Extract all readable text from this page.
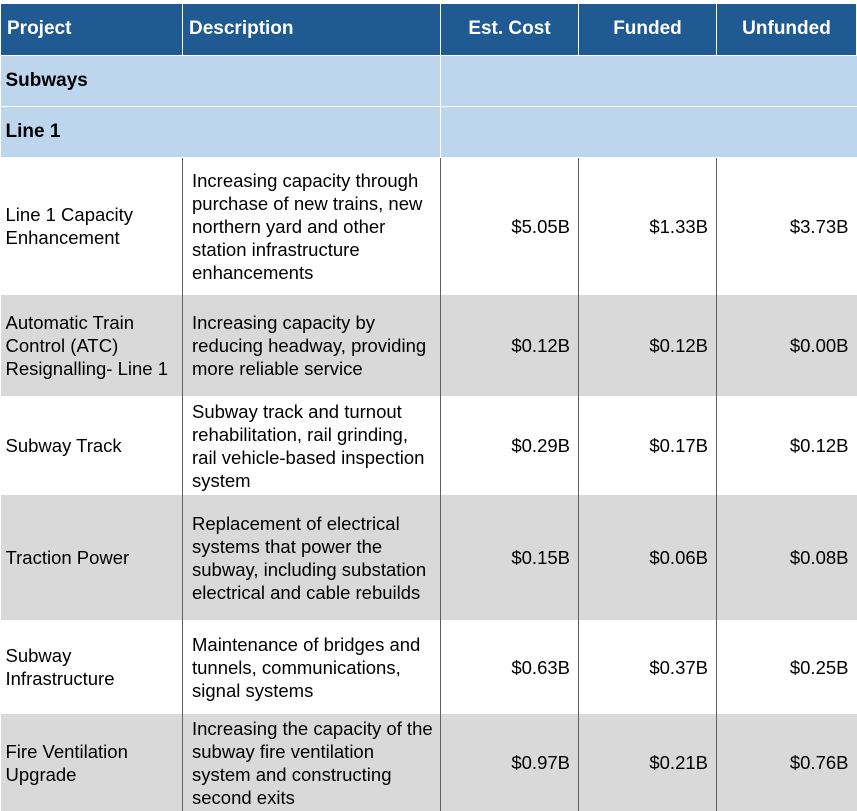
Project	Description	Est. Cost	Funded	Unfunded
Subways				
Line 1				
Line 1 Capacity Enhancement	Increasing capacity through purchase of new trains, new northern yard and other station infrastructure enhancements	$5.05B	$1.33B	$3.73B
Automatic Train Control (ATC) Resignalling- Line 1	Increasing capacity by reducing headway, providing more reliable service	$0.12B	$0.12B	$0.00B
Subway Track	Subway track and turnout rehabilitation, rail grinding, rail vehicle-based inspection system	$0.29B	$0.17B	$0.12B
Traction Power	Replacement of electrical systems that power the subway, including substation electrical and cable rebuilds	$0.15B	$0.06B	$0.08B
Subway Infrastructure	Maintenance of bridges and tunnels, communications, signal systems	$0.63B	$0.37B	$0.25B
Fire Ventilation Upgrade	Increasing the capacity of the subway fire ventilation system and constructing second exits	$0.97B	$0.21B	$0.76B
